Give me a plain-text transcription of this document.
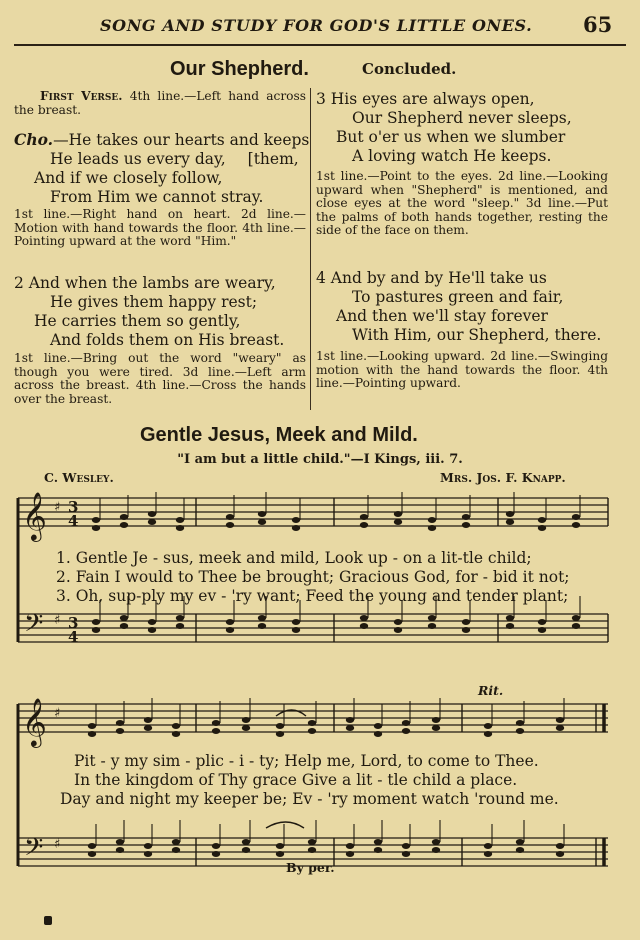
SONG AND STUDY FOR GOD'S LITTLE ONES. 65
Our Shepherd.	Concluded.
First Verse. 4th line.—Left hand across the breast.
Cho.—He takes our hearts and keeps
He leads us every day, [them,
And if we closely follow,
From Him we cannot stray.
1st line.—Right hand on heart. 2d line.—Motion with hand towards the floor. 4th line.—Pointing upward at the word "Him."
2 And when the lambs are weary,
He gives them happy rest;
He carries them so gently,
And folds them on His breast.
1st line.—Bring out the word "weary" as though you were tired. 3d line.—Left arm across the breast. 4th line.—Cross the hands over the breast.
3 His eyes are always open,
Our Shepherd never sleeps,
But o'er us when we slumber
A loving watch He keeps.
1st line.—Point to the eyes. 2d line.—Looking upward when "Shepherd" is mentioned, and close eyes at the word "sleep." 3d line.—Put the palms of both hands together, resting the side of the face on them.
4 And by and by He'll take us
To pastures green and fair,
And then we'll stay forever
With Him, our Shepherd, there.
1st line.—Looking upward. 2d line.—Swinging motion with the hand towards the floor. 4th line.—Pointing upward.
Gentle Jesus, Meek and Mild.
"I am but a little child."—I Kings, iii. 7.
C. Wesley.	Mrs. Jos. F. Knapp.
𝄞
𝄢
♯
♯
3
4
3
4
1. Gentle Je - sus, meek and mild, Look up - on a lit-tle child;
2. Fain I would to Thee be brought; Gracious God, for - bid it not;
3. Oh, sup-ply my ev - 'ry want; Feed the young and tender plant;
Rit.
𝄞
𝄢
♯
♯
Pit - y my sim - plic - i - ty; Help me, Lord, to come to Thee.
In the kingdom of Thy grace Give a lit - tle child a place.
Day and night my keeper be; Ev - 'ry moment watch 'round me.
By per.
